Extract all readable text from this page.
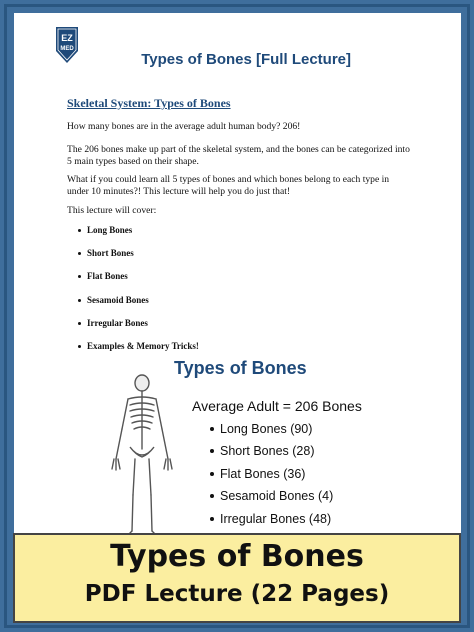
EZ
MED
Types of Bones [Full Lecture]
Skeletal System: Types of Bones
How many bones are in the average adult human body? 206!
The 206 bones make up part of the skeletal system, and the bones can be categorized into 5 main types based on their shape.
What if you could learn all 5 types of bones and which bones belong to each type in under 10 minutes?! This lecture will help you do just that!
This lecture will cover:
Long Bones
Short Bones
Flat Bones
Sesamoid Bones
Irregular Bones
Examples & Memory Tricks!
Types of Bones
Average Adult = 206 Bones
Long Bones (90)
Short Bones (28)
Flat Bones (36)
Sesamoid Bones (4)
Irregular Bones (48)
Types of Bones
PDF Lecture (22 Pages)
